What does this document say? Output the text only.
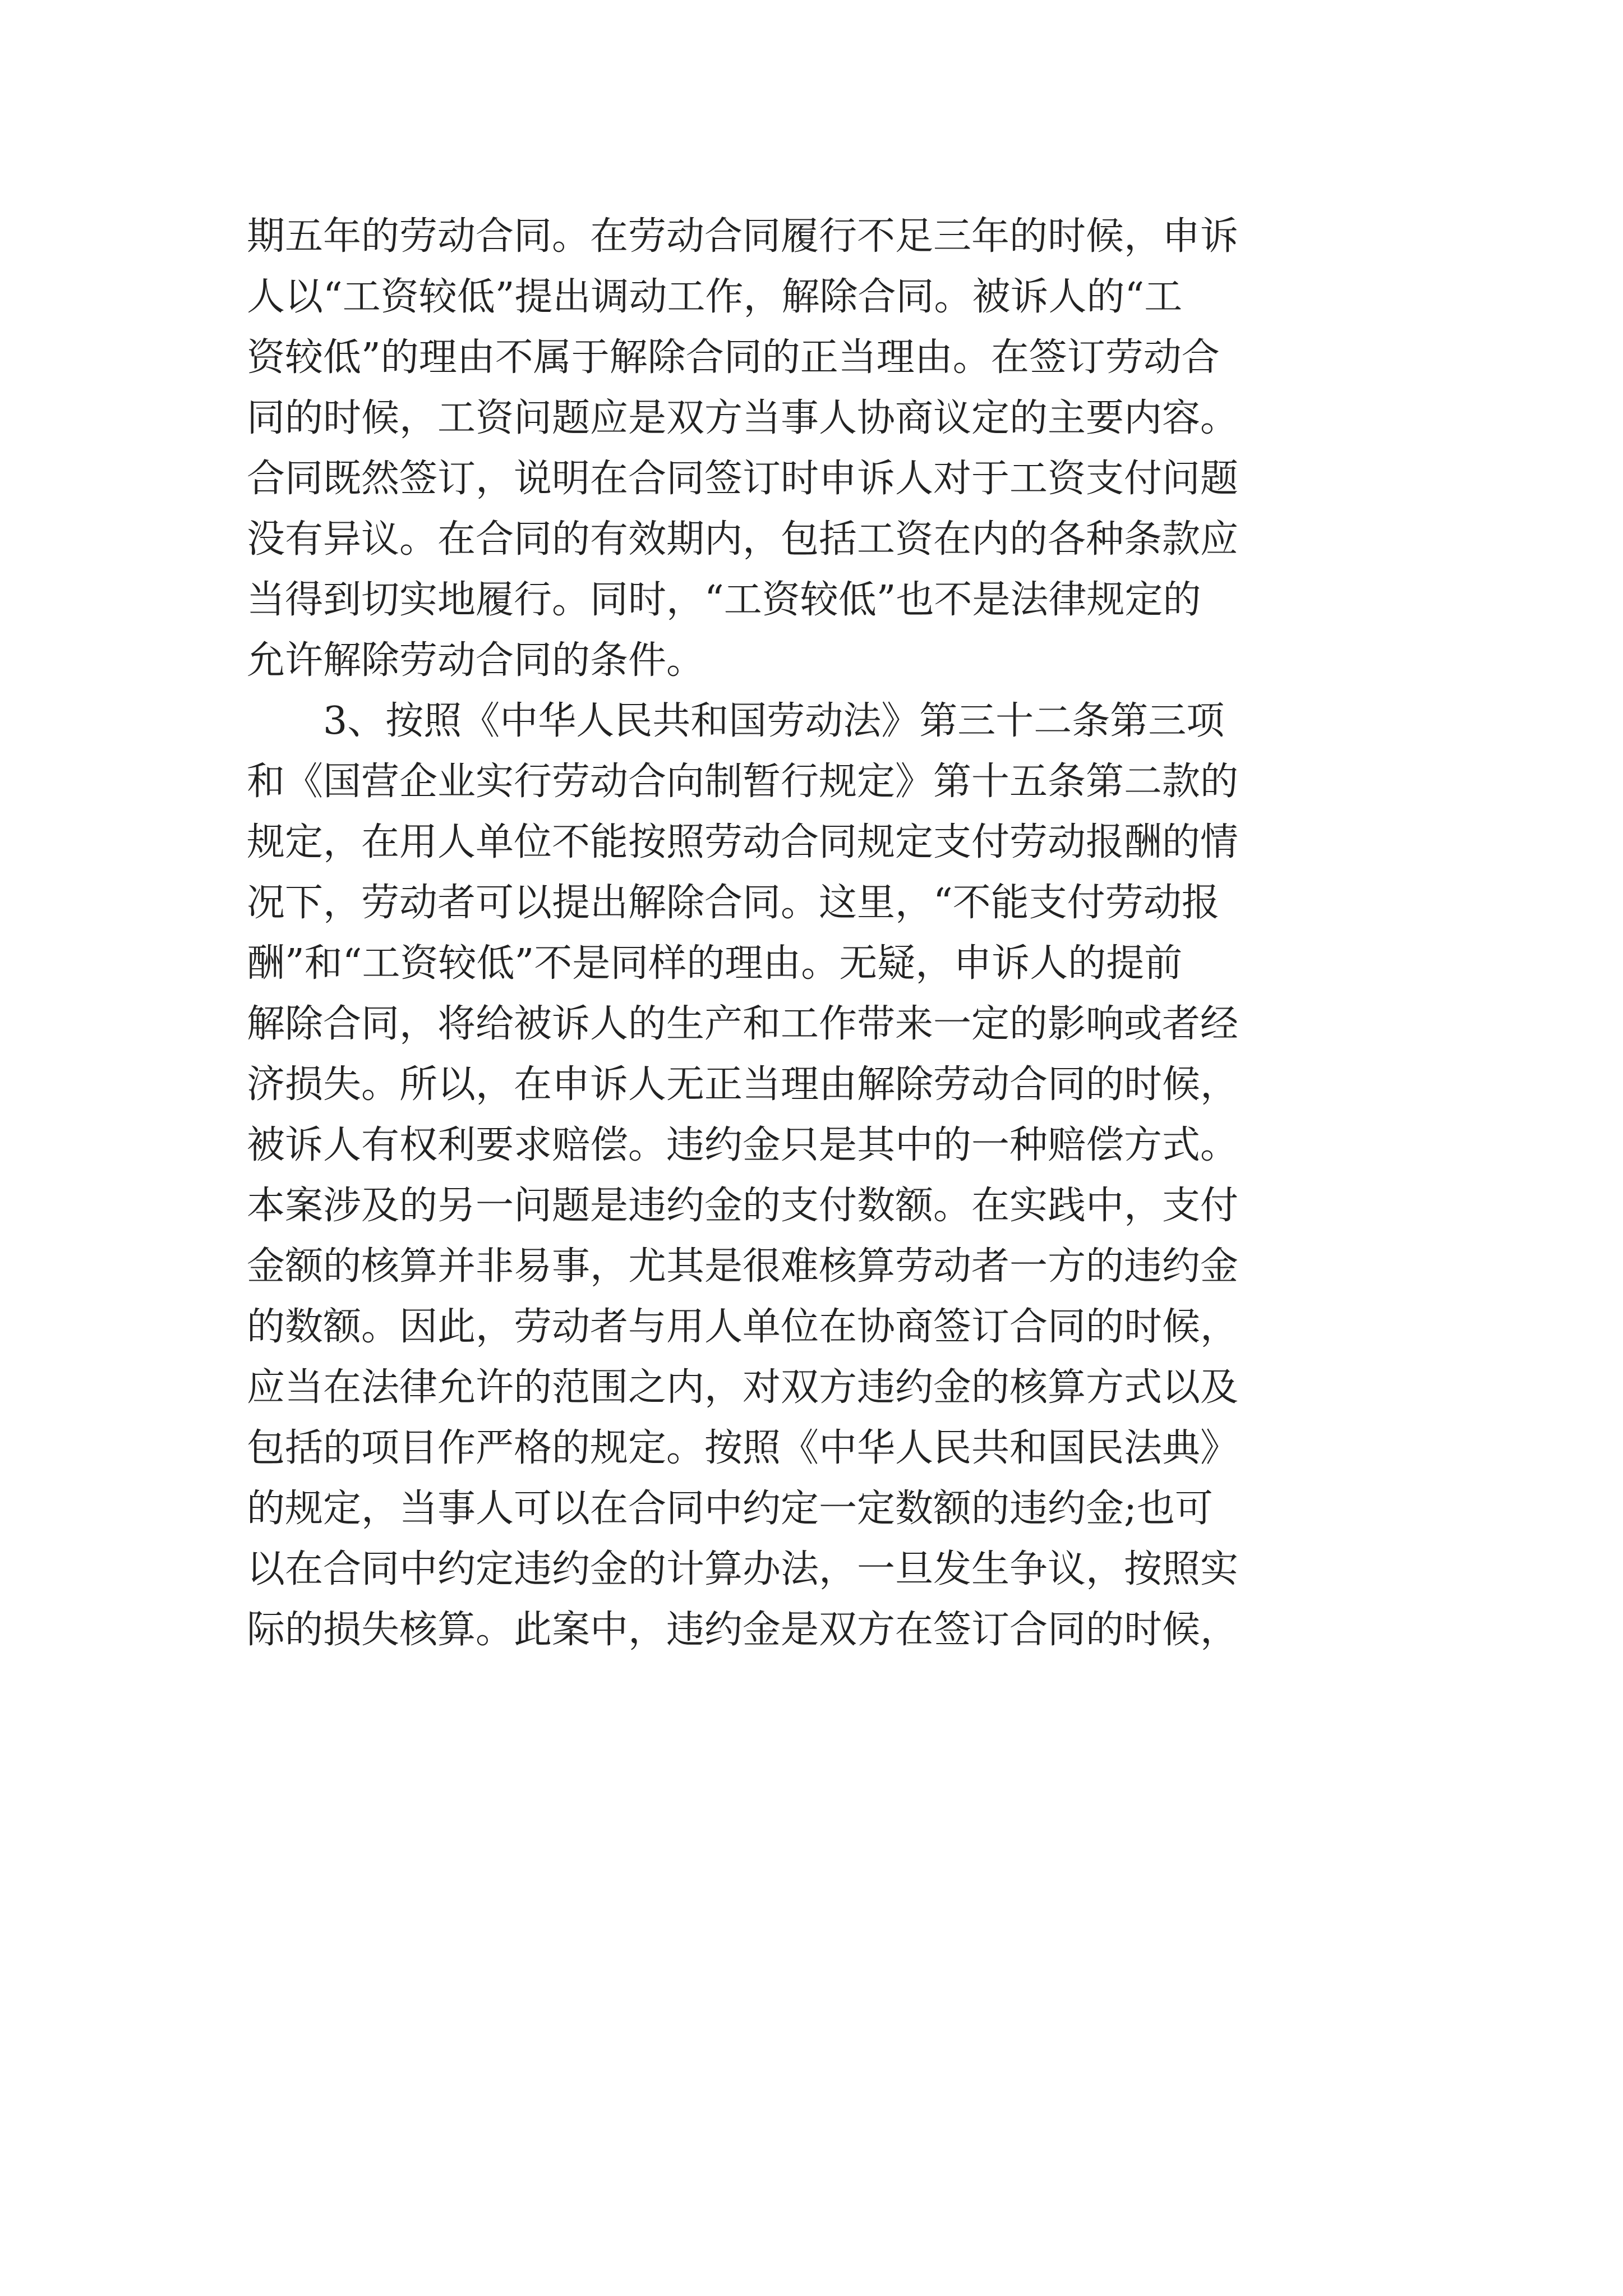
期五年的劳动合同。在劳动合同履行不足三年的时候，申诉
人以“工资较低”提出调动工作，解除合同。被诉人的“工
资较低”的理由不属于解除合同的正当理由。在签订劳动合
同的时候，工资问题应是双方当事人协商议定的主要内容。
合同既然签订，说明在合同签订时申诉人对于工资支付问题
没有异议。在合同的有效期内，包括工资在内的各种条款应
当得到切实地履行。同时，“工资较低”也不是法律规定的
允许解除劳动合同的条件。
3、按照《中华人民共和国劳动法》第三十二条第三项
和《国营企业实行劳动合向制暂行规定》第十五条第二款的
规定，在用人单位不能按照劳动合同规定支付劳动报酬的情
况下，劳动者可以提出解除合同。这里，“不能支付劳动报
酬”和“工资较低”不是同样的理由。无疑，申诉人的提前
解除合同，将给被诉人的生产和工作带来一定的影响或者经
济损失。所以，在申诉人无正当理由解除劳动合同的时候，
被诉人有权利要求赔偿。违约金只是其中的一种赔偿方式。
本案涉及的另一问题是违约金的支付数额。在实践中，支付
金额的核算并非易事，尤其是很难核算劳动者一方的违约金
的数额。因此，劳动者与用人单位在协商签订合同的时候，
应当在法律允许的范围之内，对双方违约金的核算方式以及
包括的项目作严格的规定。按照《中华人民共和国民法典》
的规定，当事人可以在合同中约定一定数额的违约金;也可
以在合同中约定违约金的计算办法，一旦发生争议，按照实
际的损失核算。此案中，违约金是双方在签订合同的时候，
